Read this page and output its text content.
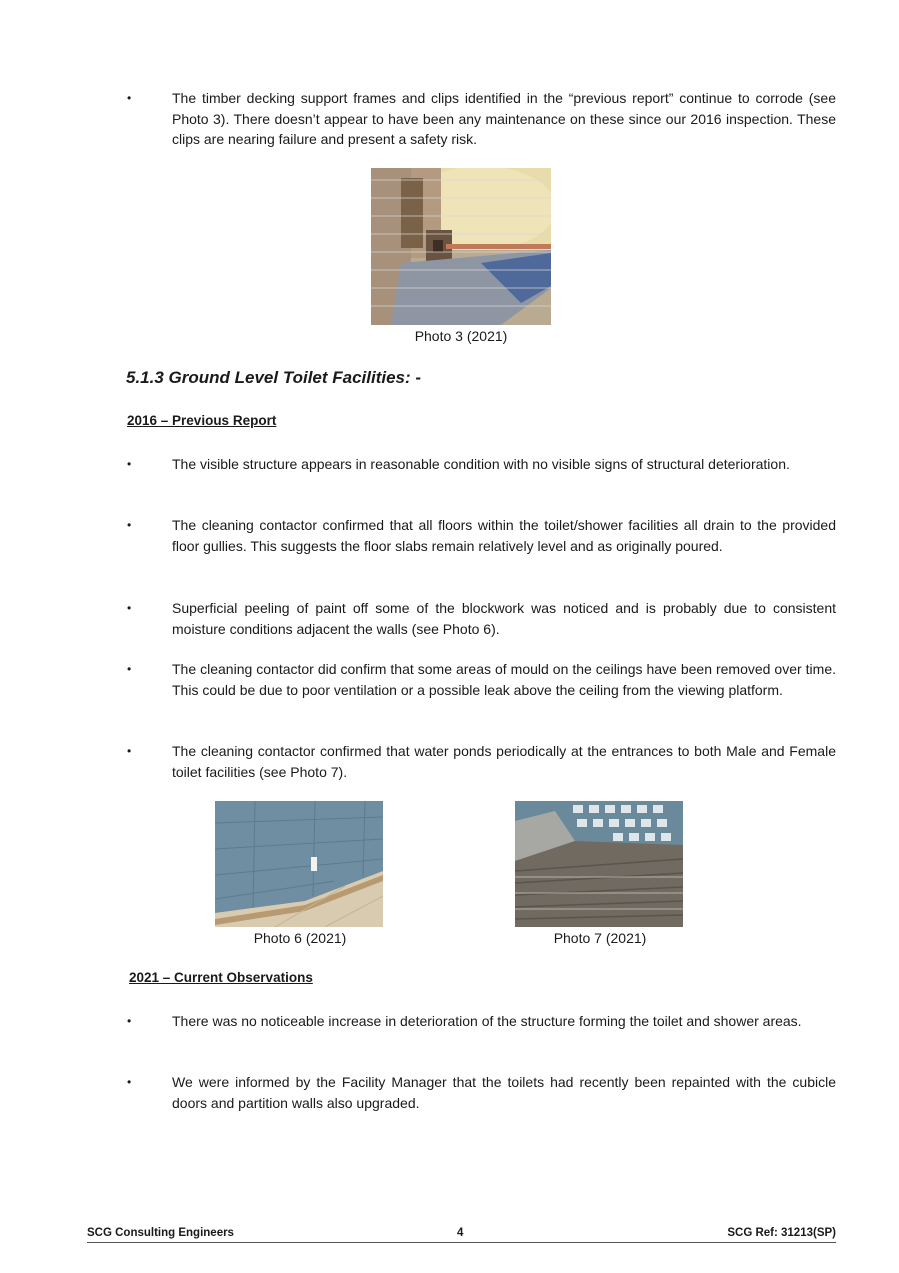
•	The timber decking support frames and clips identified in the “previous report” continue to corrode (see Photo 3). There doesn’t appear to have been any maintenance on these since our 2016 inspection. These clips are nearing failure and present a safety risk.
Photo 3 (2021)
5.1.3 Ground Level Toilet Facilities: -
2016 – Previous Report
•	The visible structure appears in reasonable condition with no visible signs of structural deterioration.
•	The cleaning contactor confirmed that all floors within the toilet/shower facilities all drain to the provided floor gullies. This suggests the floor slabs remain relatively level and as originally poured.
•	Superficial peeling of paint off some of the blockwork was noticed and is probably due to consistent moisture conditions adjacent the walls (see Photo 6).
•	The cleaning contactor did confirm that some areas of mould on the ceilings have been removed over time. This could be due to poor ventilation or a possible leak above the ceiling from the viewing platform.
•	The cleaning contactor confirmed that water ponds periodically at the entrances to both Male and Female toilet facilities (see Photo 7).
Photo 6 (2021)	Photo 7 (2021)
2021 – Current Observations
•	There was no noticeable increase in deterioration of the structure forming the toilet and shower areas.
•	We were informed by the Facility Manager that the toilets had recently been repainted with the cubicle doors and partition walls also upgraded.
SCG Consulting Engineers	4	SCG Ref: 31213(SP)
